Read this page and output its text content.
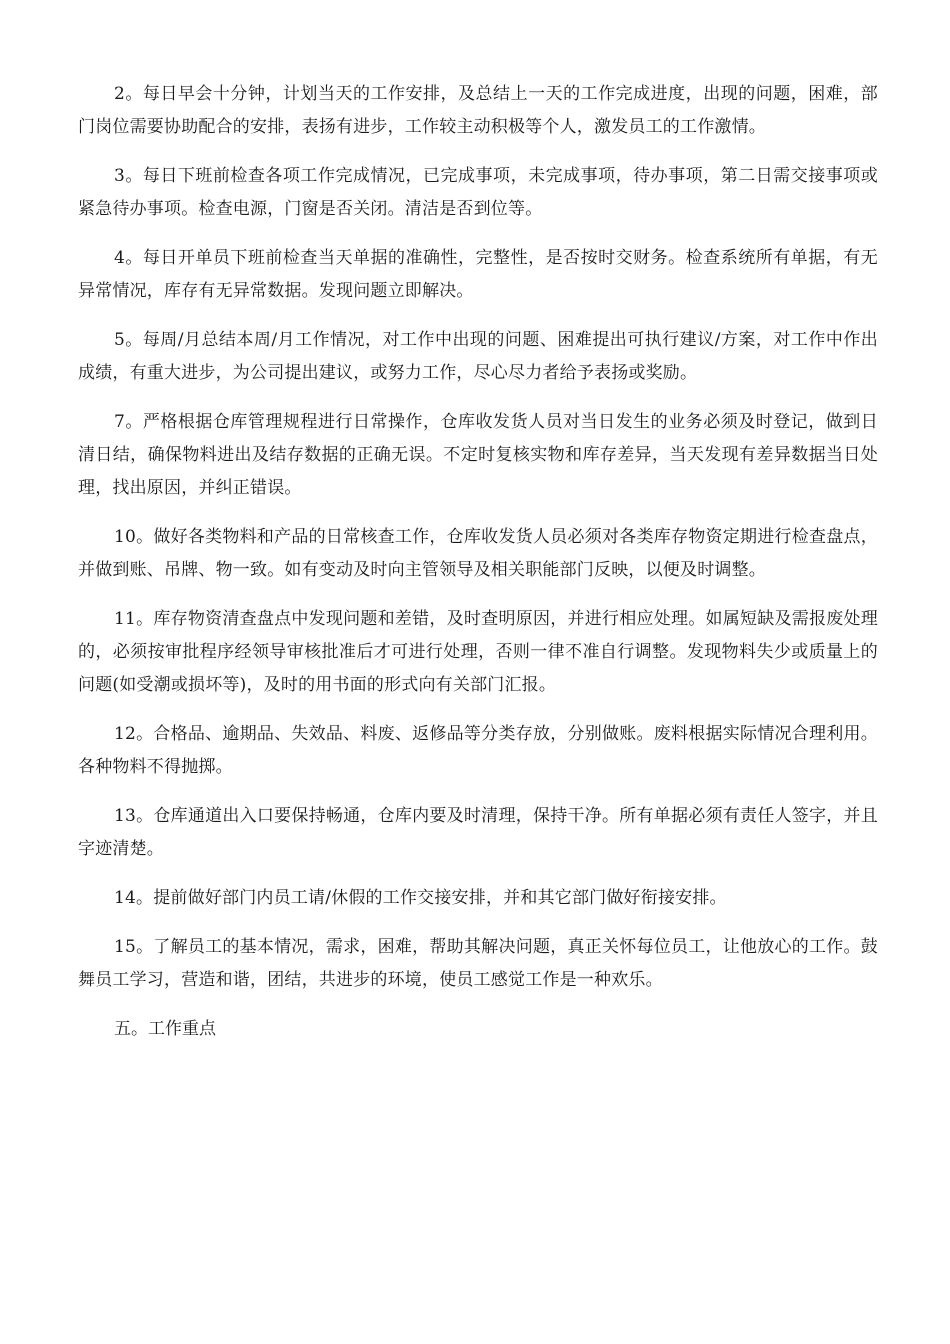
2。每日早会十分钟，计划当天的工作安排，及总结上一天的工作完成进度，出现的问题，困难，部门岗位需要协助配合的安排，表扬有进步，工作较主动积极等个人，激发员工的工作激情。

3。每日下班前检查各项工作完成情况，已完成事项，未完成事项，待办事项，第二日需交接事项或紧急待办事项。检查电源，门窗是否关闭。清洁是否到位等。

4。每日开单员下班前检查当天单据的准确性，完整性，是否按时交财务。检查系统所有单据，有无异常情况，库存有无异常数据。发现问题立即解决。

5。每周/月总结本周/月工作情况，对工作中出现的问题、困难提出可执行建议/方案，对工作中作出成绩，有重大进步，为公司提出建议，或努力工作，尽心尽力者给予表扬或奖励。

7。严格根据仓库管理规程进行日常操作，仓库收发货人员对当日发生的业务必须及时登记，做到日清日结，确保物料进出及结存数据的正确无误。不定时复核实物和库存差异，当天发现有差异数据当日处理，找出原因，并纠正错误。

10。做好各类物料和产品的日常核查工作，仓库收发货人员必须对各类库存物资定期进行检查盘点，并做到账、吊牌、物一致。如有变动及时向主管领导及相关职能部门反映，以便及时调整。

11。库存物资清查盘点中发现问题和差错，及时查明原因，并进行相应处理。如属短缺及需报废处理的，必须按审批程序经领导审核批准后才可进行处理，否则一律不准自行调整。发现物料失少或质量上的问题(如受潮或损坏等)，及时的用书面的形式向有关部门汇报。

12。合格品、逾期品、失效品、料废、返修品等分类存放，分别做账。废料根据实际情况合理利用。各种物料不得抛掷。

13。仓库通道出入口要保持畅通，仓库内要及时清理，保持干净。所有单据必须有责任人签字，并且字迹清楚。

14。提前做好部门内员工请/休假的工作交接安排，并和其它部门做好衔接安排。

15。了解员工的基本情况，需求，困难，帮助其解决问题，真正关怀每位员工，让他放心的工作。鼓舞员工学习，营造和谐，团结，共进步的环境，使员工感觉工作是一种欢乐。

五。工作重点
